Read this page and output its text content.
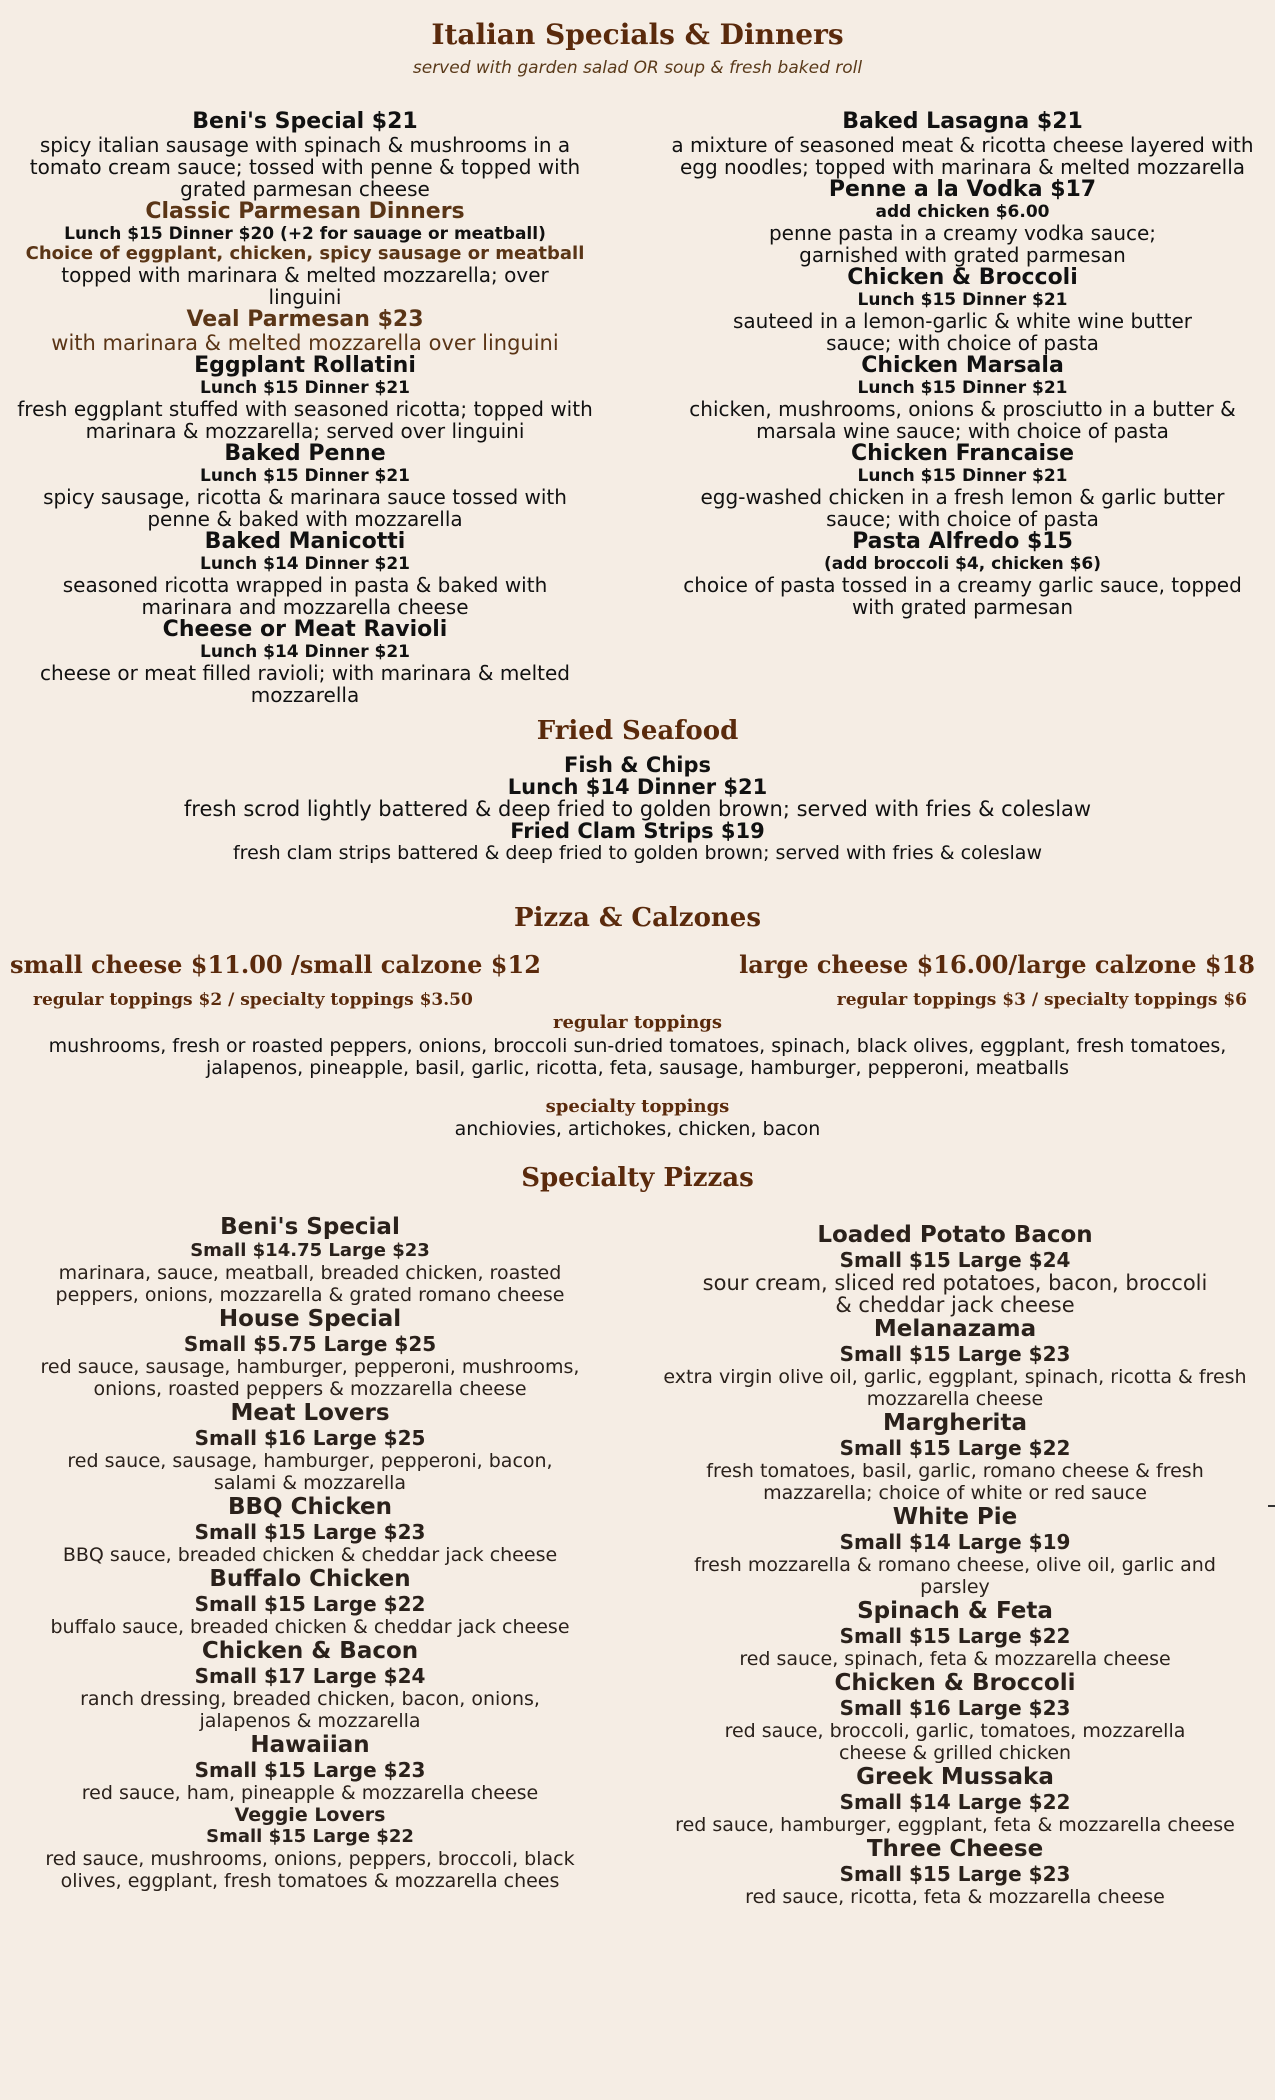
Italian Specials & Dinners
served with garden salad OR soup & fresh baked roll
Beni's Special $21
spicy italian sausage with spinach & mushrooms in a tomato cream sauce; tossed with penne & topped with grated parmesan cheese
Classic Parmesan Dinners
Lunch $15 Dinner $20 (+2 for sauage or meatball)
Choice of eggplant, chicken, spicy sausage or meatball
topped with marinara & melted mozzarella; over linguini
Veal Parmesan $23
with marinara & melted mozzarella over linguini
Eggplant Rollatini
Lunch $15 Dinner $21
fresh eggplant stuffed with seasoned ricotta; topped with marinara & mozzarella; served over linguini
Baked Penne
Lunch $15 Dinner $21
spicy sausage, ricotta & marinara sauce tossed with penne & baked with mozzarella
Baked Manicotti
Lunch $14 Dinner $21
seasoned ricotta wrapped in pasta & baked with marinara and mozzarella cheese
Cheese or Meat Ravioli
Lunch $14 Dinner $21
cheese or meat filled ravioli; with marinara & melted mozzarella
Baked Lasagna $21
a mixture of seasoned meat & ricotta cheese layered with egg noodles; topped with marinara & melted mozzarella
Penne a la Vodka $17
add chicken $6.00
penne pasta in a creamy vodka sauce; garnished with grated parmesan
Chicken & Broccoli
Lunch $15 Dinner $21
sauteed in a lemon-garlic & white wine butter sauce; with choice of pasta
Chicken Marsala
Lunch $15 Dinner $21
chicken, mushrooms, onions & prosciutto in a butter & marsala wine sauce; with choice of pasta
Chicken Francaise
Lunch $15 Dinner $21
egg-washed chicken in a fresh lemon & garlic butter sauce; with choice of pasta
Pasta Alfredo $15
(add broccoli $4, chicken $6)
choice of pasta tossed in a creamy garlic sauce, topped with grated parmesan
Fried Seafood
Fish & Chips
Lunch $14 Dinner $21
fresh scrod lightly battered & deep fried to golden brown; served with fries & coleslaw
Fried Clam Strips $19
fresh clam strips battered & deep fried to golden brown; served with fries & coleslaw
Pizza & Calzones
small cheese $11.00 /small calzone $12	large cheese $16.00/large calzone $18
regular toppings $2 / specialty toppings $3.50	regular toppings $3 / specialty toppings $6
regular toppings
mushrooms, fresh or roasted peppers, onions, broccoli sun-dried tomatoes, spinach, black olives, eggplant, fresh tomatoes, jalapenos, pineapple, basil, garlic, ricotta, feta, sausage, hamburger, pepperoni, meatballs
specialty toppings
anchiovies, artichokes, chicken, bacon
Specialty Pizzas
Beni's Special
Small $14.75 Large $23
marinara, sauce, meatball, breaded chicken, roasted peppers, onions, mozzarella & grated romano cheese
House Special
Small $5.75 Large $25
red sauce, sausage, hamburger, pepperoni, mushrooms, onions, roasted peppers & mozzarella cheese
Meat Lovers
Small $16 Large $25
red sauce, sausage, hamburger, pepperoni, bacon, salami & mozzarella
BBQ Chicken
Small $15 Large $23
BBQ sauce, breaded chicken & cheddar jack cheese
Buffalo Chicken
Small $15 Large $22
buffalo sauce, breaded chicken & cheddar jack cheese
Chicken & Bacon
Small $17 Large $24
ranch dressing, breaded chicken, bacon, onions, jalapenos & mozzarella
Hawaiian
Small $15 Large $23
red sauce, ham, pineapple & mozzarella cheese
Veggie Lovers
Small $15 Large $22
red sauce, mushrooms, onions, peppers, broccoli, black olives, eggplant, fresh tomatoes & mozzarella chees
Loaded Potato Bacon
Small $15 Large $24
sour cream, sliced red potatoes, bacon, broccoli & cheddar jack cheese
Melanazama
Small $15 Large $23
extra virgin olive oil, garlic, eggplant, spinach, ricotta & fresh mozzarella cheese
Margherita
Small $15 Large $22
fresh tomatoes, basil, garlic, romano cheese & fresh mazzarella; choice of white or red sauce
White Pie
Small $14 Large $19
fresh mozzarella & romano cheese, olive oil, garlic and parsley
Spinach & Feta
Small $15 Large $22
red sauce, spinach, feta & mozzarella cheese
Chicken & Broccoli
Small $16 Large $23
red sauce, broccoli, garlic, tomatoes, mozzarella cheese & grilled chicken
Greek Mussaka
Small $14 Large $22
red sauce, hamburger, eggplant, feta & mozzarella cheese
Three Cheese
Small $15 Large $23
red sauce, ricotta, feta & mozzarella cheese
